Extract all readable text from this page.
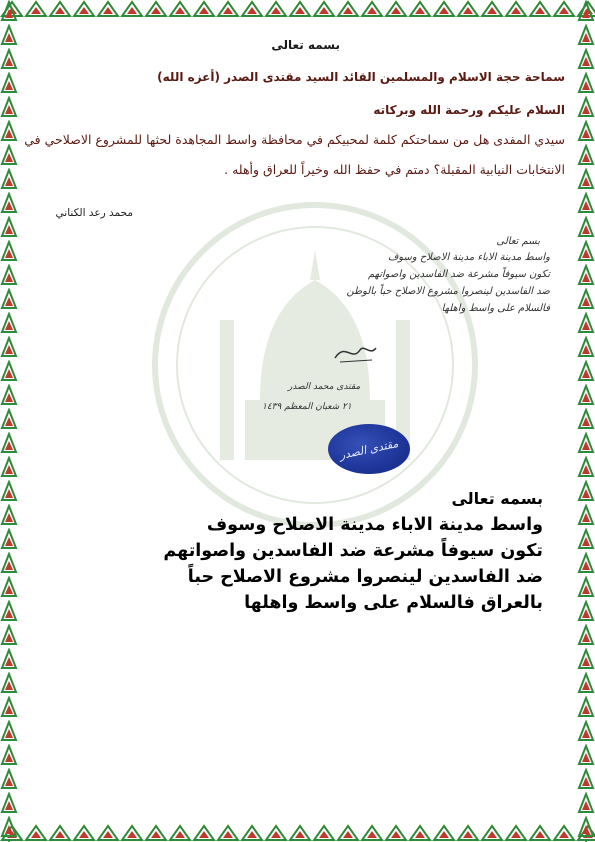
بسمه تعالى
سماحة حجة الاسلام والمسلمين القائد السيد مقتدى الصدر (أعزه الله)
السلام عليكم ورحمة الله وبركاته
سيدي المفدى هل من سماحتكم كلمة لمحبيكم في محافظة واسط المجاهدة لحثها للمشروع الاصلاحي في
الانتخابات النيابية المقبلة؟ دمتم في حفظ الله وخيراً للعراق وأهله .
محمد رعد الكناني
بسم تعالى
واسط مدينة الاباء مدينة الاصلاح وسوف
تكون سيوفاً مشرعة ضد الفاسدين واصواتهم
ضد الفاسدين لينصروا مشروع الاصلاح حباً بالوطن
فالسلام على واسط واهلها
مقتدى محمد الصدر
٢١ شعبان المعظم ١٤٣٩
مقتدى الصدر
بسمه تعالى
واسط مدينة الاباء مدينة الاصلاح وسوف
تكون سيوفاً مشرعة ضد الفاسدين واصواتهم
ضد الفاسدين لينصروا مشروع الاصلاح حباً
بالعراق فالسلام على واسط واهلها
